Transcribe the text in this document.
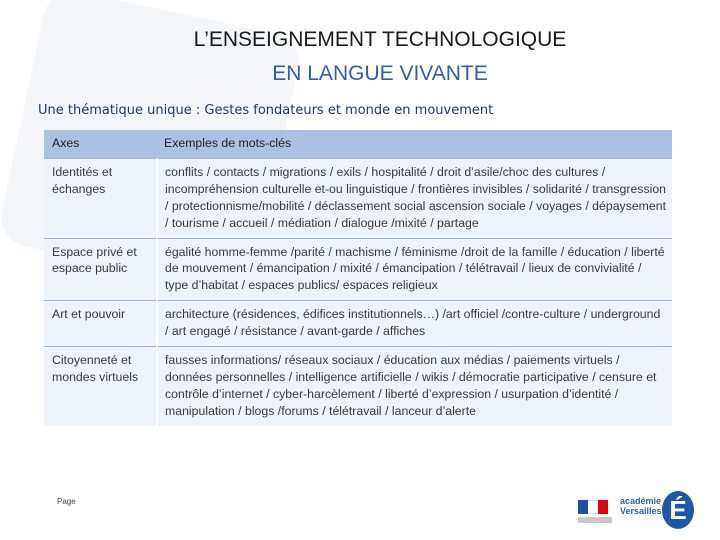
L’ENSEIGNEMENT TECHNOLOGIQUE
EN LANGUE VIVANTE
Une thématique unique : Gestes fondateurs et monde en mouvement
Axes	Exemples de mots-clés
Identités et échanges	conflits / contacts / migrations / exils / hospitalité / droit d’asile/choc des cultures / incompréhension culturelle et-ou linguistique / frontières invisibles / solidarité / transgression / protectionnisme/mobilité / déclassement social ascension sociale / voyages / dépaysement / tourisme / accueil / médiation / dialogue /mixité / partage
Espace privé et espace public	égalité homme-femme /parité / machisme / féminisme /droit de la famille / éducation / liberté de mouvement / émancipation / mixité / émancipation / télétravail / lieux de convivialité / type d’habitat / espaces publics/ espaces religieux
Art et pouvoir	architecture (résidences, édifices institutionnels…) /art officiel /contre-culture / underground / art engagé / résistance / avant-garde / affiches
Citoyenneté et mondes virtuels	fausses informations/ réseaux sociaux / éducation aux médias / paiements virtuels / données personnelles / intelligence artificielle / wikis / démocratie participative / censure et contrôle d’internet / cyber-harcèlement / liberté d’expression / usurpation d’identité / manipulation / blogs /forums / télétravail / lanceur d’alerte
Page	académie
Versailles É
